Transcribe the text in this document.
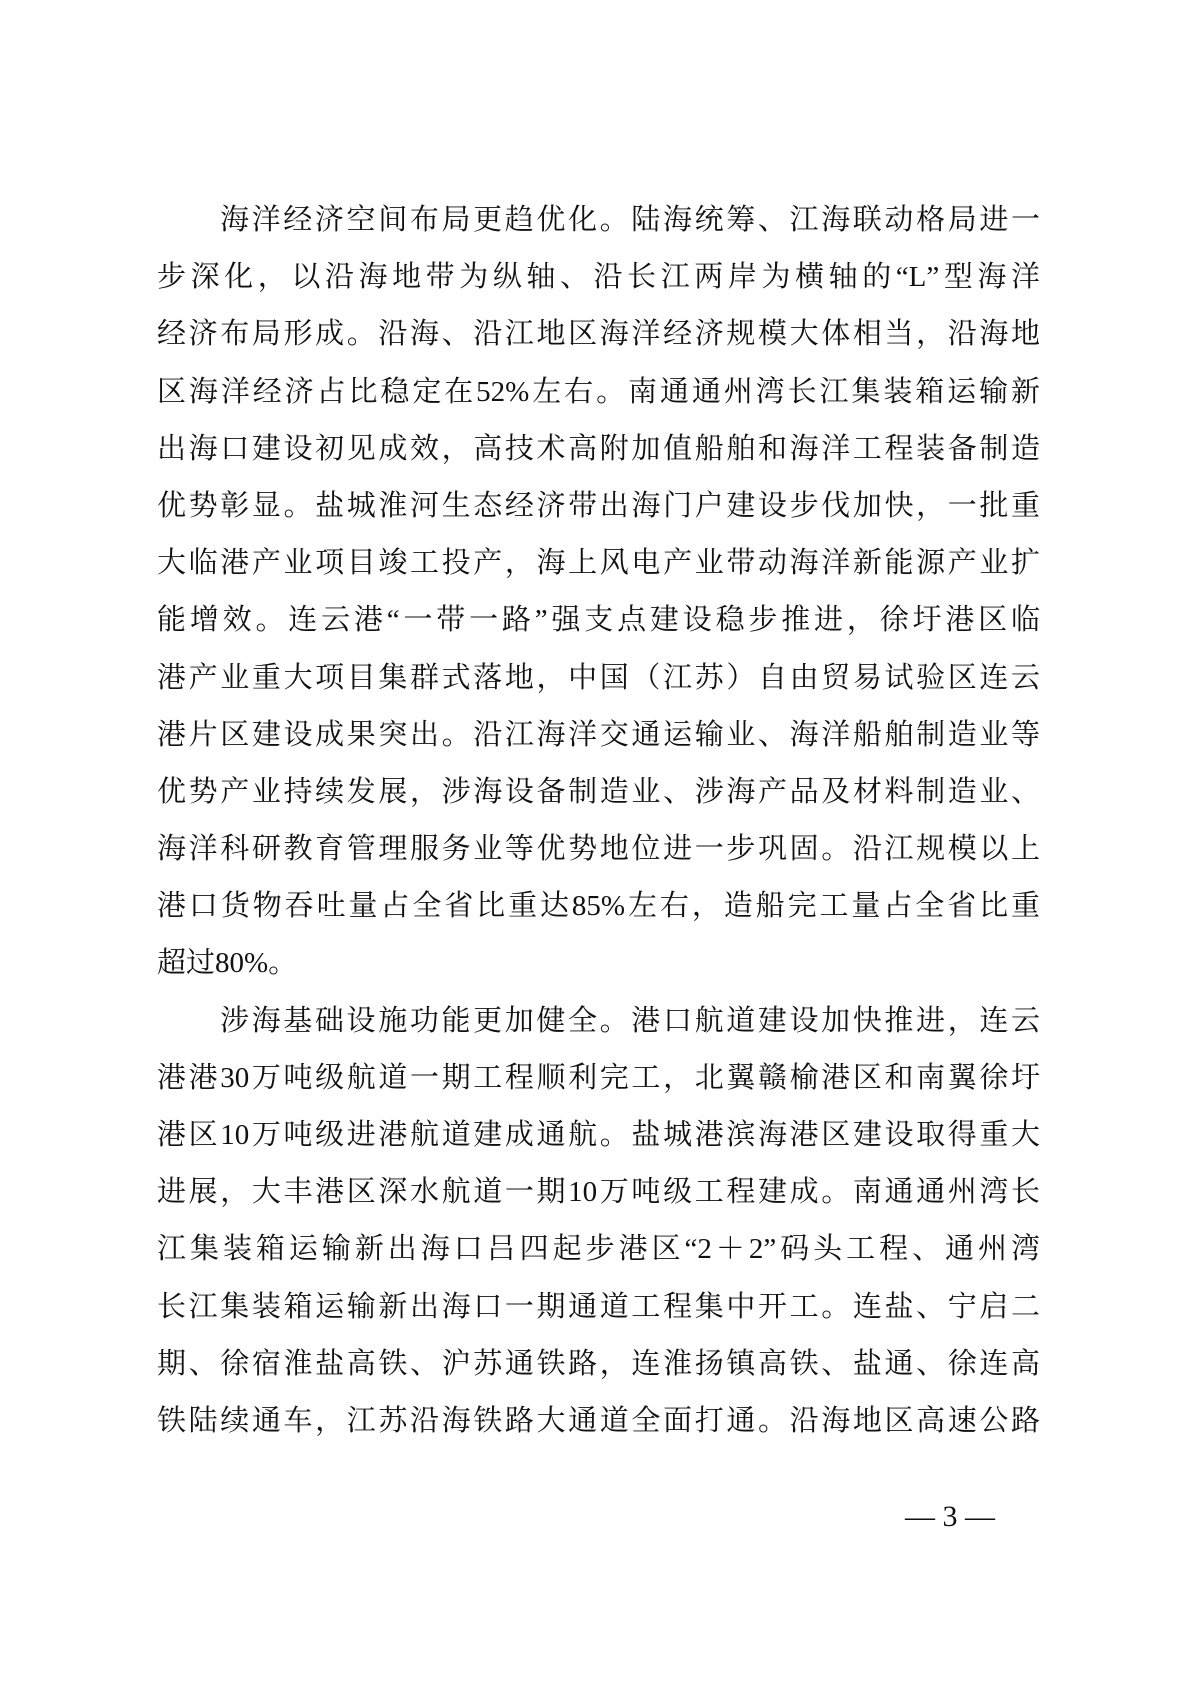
海洋经济空间布局更趋优化。陆海统筹、江海联动格局进一
步深化，以沿海地带为纵轴、沿长江两岸为横轴的“L”型海洋
经济布局形成。沿海、沿江地区海洋经济规模大体相当，沿海地
区海洋经济占比稳定在52%左右。南通通州湾长江集装箱运输新
出海口建设初见成效，高技术高附加值船舶和海洋工程装备制造
优势彰显。盐城淮河生态经济带出海门户建设步伐加快，一批重
大临港产业项目竣工投产，海上风电产业带动海洋新能源产业扩
能增效。连云港“一带一路”强支点建设稳步推进，徐圩港区临
港产业重大项目集群式落地，中国（江苏）自由贸易试验区连云
港片区建设成果突出。沿江海洋交通运输业、海洋船舶制造业等
优势产业持续发展，涉海设备制造业、涉海产品及材料制造业、
海洋科研教育管理服务业等优势地位进一步巩固。沿江规模以上
港口货物吞吐量占全省比重达85%左右，造船完工量占全省比重
超过80%。
涉海基础设施功能更加健全。港口航道建设加快推进，连云
港港30万吨级航道一期工程顺利完工，北翼赣榆港区和南翼徐圩
港区10万吨级进港航道建成通航。盐城港滨海港区建设取得重大
进展，大丰港区深水航道一期10万吨级工程建成。南通通州湾长
江集装箱运输新出海口吕四起步港区“2＋2”码头工程、通州湾
长江集装箱运输新出海口一期通道工程集中开工。连盐、宁启二
期、徐宿淮盐高铁、沪苏通铁路，连淮扬镇高铁、盐通、徐连高
铁陆续通车，江苏沿海铁路大通道全面打通。沿海地区高速公路
— 3 —
